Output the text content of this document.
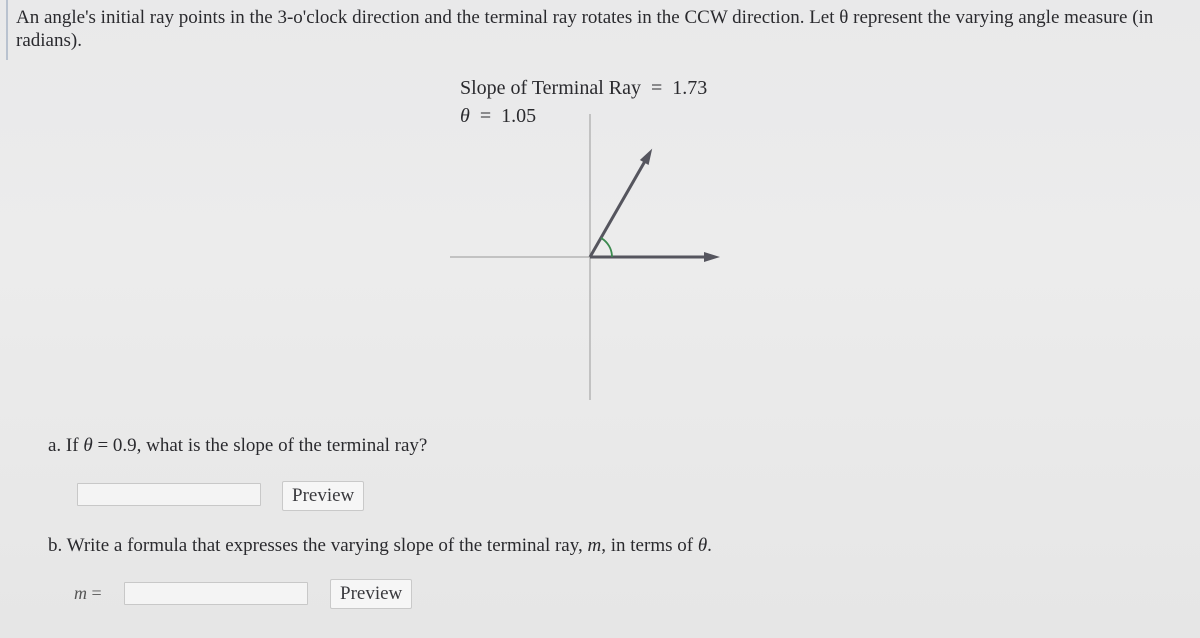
An angle's initial ray points in the 3-o'clock direction and the terminal ray rotates in the CCW direction. Let θ represent the varying angle measure (in radians).
Slope of Terminal Ray  =  1.73
θ  =  1.05
a. If θ = 0.9, what is the slope of the terminal ray?
Preview
b. Write a formula that expresses the varying slope of the terminal ray, m, in terms of θ.
m =	Preview
